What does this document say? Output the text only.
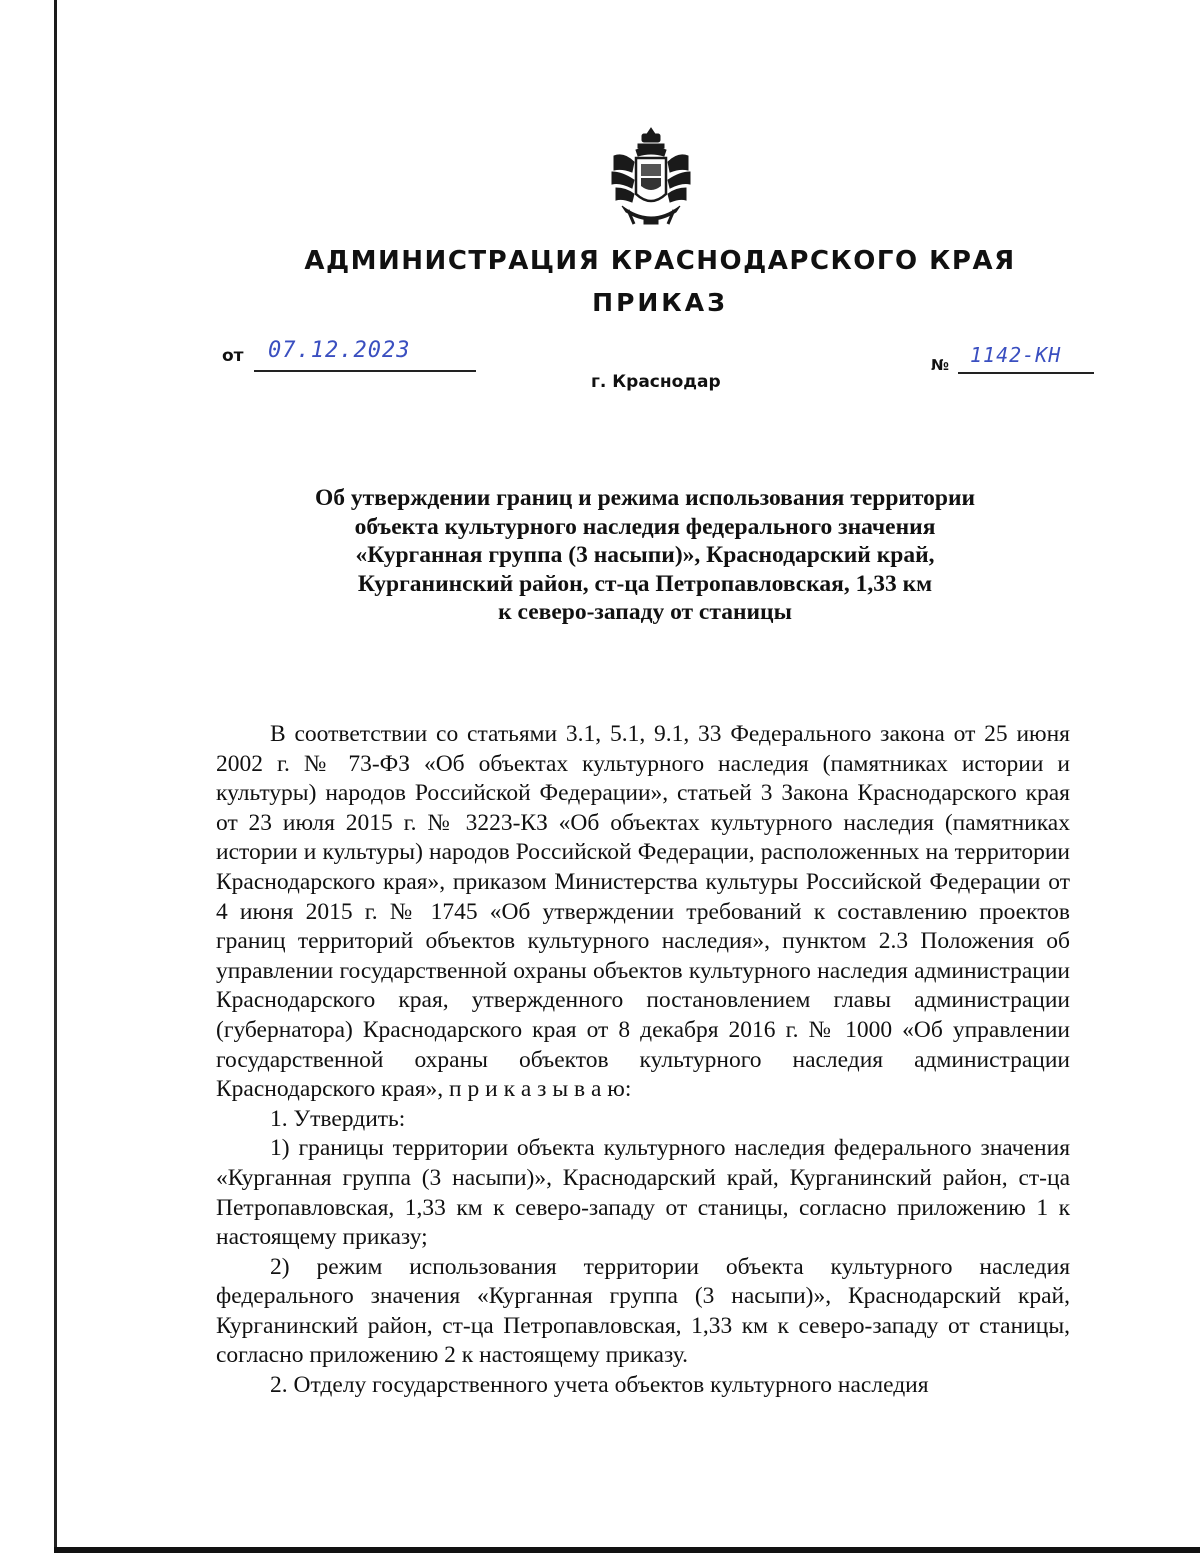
АДМИНИСТРАЦИЯ КРАСНОДАРСКОГО КРАЯ
ПРИКАЗ
от 07.12.2023
г. Краснодар
№ 1142-КН
Об утверждении границ и режима использования территории
объекта культурного наследия федерального значения
«Курганная группа (3 насыпи)», Краснодарский край,
Курганинский район, ст-ца Петропавловская, 1,33 км
к северо-западу от станицы

В соответствии со статьями 3.1, 5.1, 9.1, 33 Федерального закона от 25 июня 2002 г. № 73-ФЗ «Об объектах культурного наследия (памятниках истории и культуры) народов Российской Федерации», статьей 3 Закона Краснодарского края от 23 июля 2015 г. № 3223-КЗ «Об объектах культурного наследия (памятниках истории и культуры) народов Российской Федерации, расположенных на территории Краснодарского края», приказом Министерства культуры Российской Федерации от 4 июня 2015 г. № 1745 «Об утверждении требований к составлению проектов границ территорий объектов культурного наследия», пунктом 2.3 Положения об управлении государственной охраны объектов культурного наследия администрации Краснодарского края, утвержденного постановлением главы администрации (губернатора) Краснодарского края от 8 декабря 2016 г. № 1000 «Об управлении государственной охраны объектов культурного наследия администрации Краснодарского края», п р и к а з ы в а ю:

1. Утвердить:

1) границы территории объекта культурного наследия федерального значения «Курганная группа (3 насыпи)», Краснодарский край, Курганинский район, ст-ца Петропавловская, 1,33 км к северо-западу от станицы, согласно приложению 1 к настоящему приказу;

2) режим использования территории объекта культурного наследия федерального значения «Курганная группа (3 насыпи)», Краснодарский край, Курганинский район, ст-ца Петропавловская, 1,33 км к северо-западу от станицы, согласно приложению 2 к настоящему приказу.

2. Отделу государственного учета объектов культурного наследия
